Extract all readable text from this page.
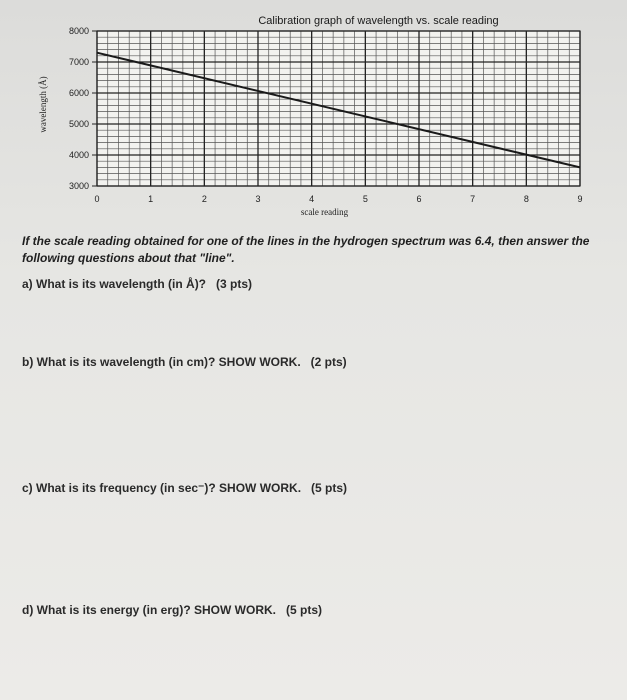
0	1	2	3	4	5	6	7	8	9
3000
4000
5000
6000
7000
8000
Calibration graph of wavelength vs. scale reading
scale reading
wavelength (Å)
If the scale reading obtained for one of the lines in the hydrogen spectrum was 6.4, then answer the following questions about that "line".
a) What is its wavelength (in Å)? (3 pts)
b) What is its wavelength (in cm)? SHOW WORK. (2 pts)
c) What is its frequency (in sec⁻)? SHOW WORK. (5 pts)
d) What is its energy (in erg)? SHOW WORK. (5 pts)
